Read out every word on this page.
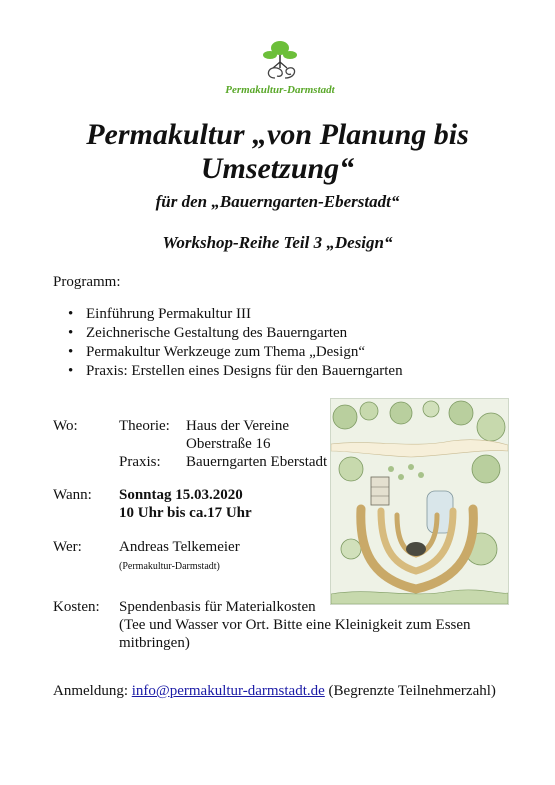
Permakultur-Darmstadt
Permakultur „von Planung bis Umsetzung“
für den „Bauerngarten-Eberstadt“
Workshop-Reihe Teil 3 „Design“
Programm:
• Einführung Permakultur III
• Zeichnerische Gestaltung des Bauerngarten
• Permakultur Werkzeuge zum Thema „Design“
• Praxis: Erstellen eines Designs für den Bauerngarten
Wo:	Theorie: Haus der Vereine
Oberstraße 16
Praxis: Bauerngarten Eberstadt
Wann: Sonntag 15.03.2020
10 Uhr bis ca.17 Uhr
Wer: Andreas Telkemeier
(Permakultur-Darmstadt)
Kosten: Spendenbasis für Materialkosten
(Tee und Wasser vor Ort. Bitte eine Kleinigkeit zum Essen
mitbringen)
Anmeldung: info@permakultur-darmstadt.de (Begrenzte Teilnehmerzahl)
